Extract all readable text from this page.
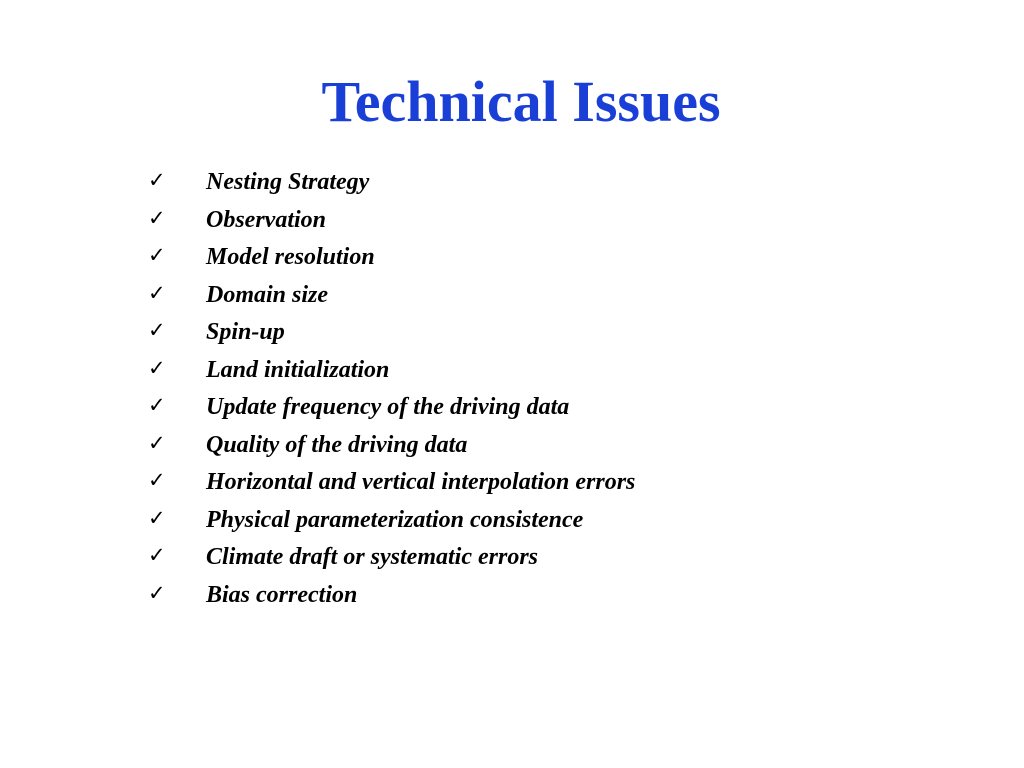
Technical Issues
✓	Nesting Strategy
✓	Observation
✓	Model resolution
✓	Domain size
✓	Spin-up
✓	Land initialization
✓	Update frequency of the driving data
✓	Quality of the driving data
✓	Horizontal and vertical interpolation errors
✓	Physical parameterization consistence
✓	Climate draft or systematic errors
✓	Bias correction
